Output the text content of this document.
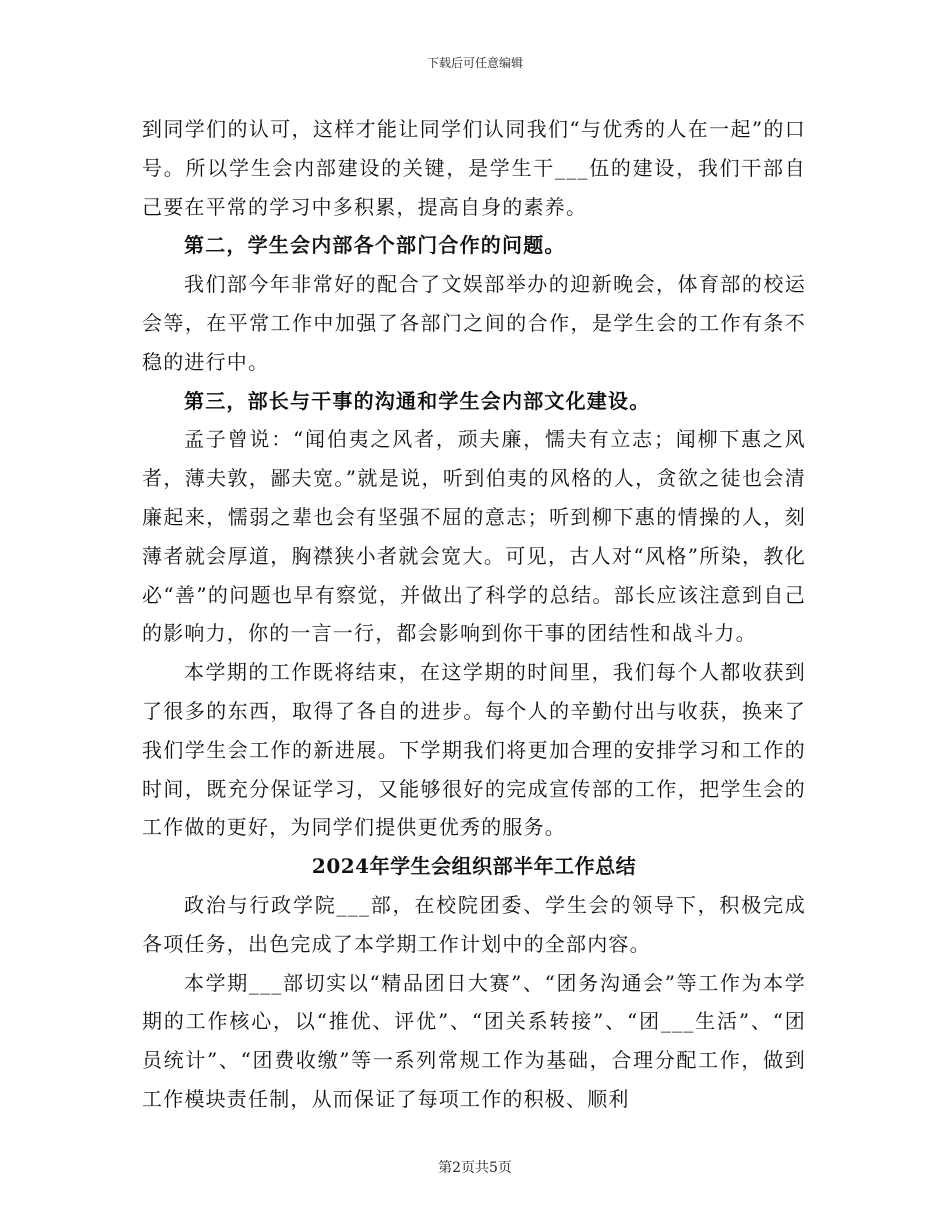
下载后可任意编辑

到同学们的认可，这样才能让同学们认同我们“与优秀的人在一起”的口号。所以学生会内部建设的关键，是学生干___伍的建设，我们干部自己要在平常的学习中多积累，提高自身的素养。

第二，学生会内部各个部门合作的问题。

我们部今年非常好的配合了文娱部举办的迎新晚会，体育部的校运会等，在平常工作中加强了各部门之间的合作，是学生会的工作有条不稳的进行中。

第三，部长与干事的沟通和学生会内部文化建设。

孟子曾说：“闻伯夷之风者，顽夫廉，懦夫有立志；闻柳下惠之风者，薄夫敦，鄙夫宽。”就是说，听到伯夷的风格的人，贪欲之徒也会清廉起来，懦弱之辈也会有坚强不屈的意志；听到柳下惠的情操的人，刻薄者就会厚道，胸襟狭小者就会宽大。可见，古人对“风格”所染，教化必“善”的问题也早有察觉，并做出了科学的总结。部长应该注意到自己的影响力，你的一言一行，都会影响到你干事的团结性和战斗力。

本学期的工作既将结束，在这学期的时间里，我们每个人都收获到了很多的东西，取得了各自的进步。每个人的辛勤付出与收获，换来了我们学生会工作的新进展。下学期我们将更加合理的安排学习和工作的时间，既充分保证学习，又能够很好的完成宣传部的工作，把学生会的工作做的更好，为同学们提供更优秀的服务。

2024年学生会组织部半年工作总结

政治与行政学院___部，在校院团委、学生会的领导下，积极完成各项任务，出色完成了本学期工作计划中的全部内容。

本学期___部切实以“精品团日大赛”、“团务沟通会”等工作为本学期的工作核心，以“推优、评优”、“团关系转接”、“团___生活”、“团员统计”、“团费收缴”等一系列常规工作为基础，合理分配工作，做到工作模块责任制，从而保证了每项工作的积极、顺利

第2页共5页
